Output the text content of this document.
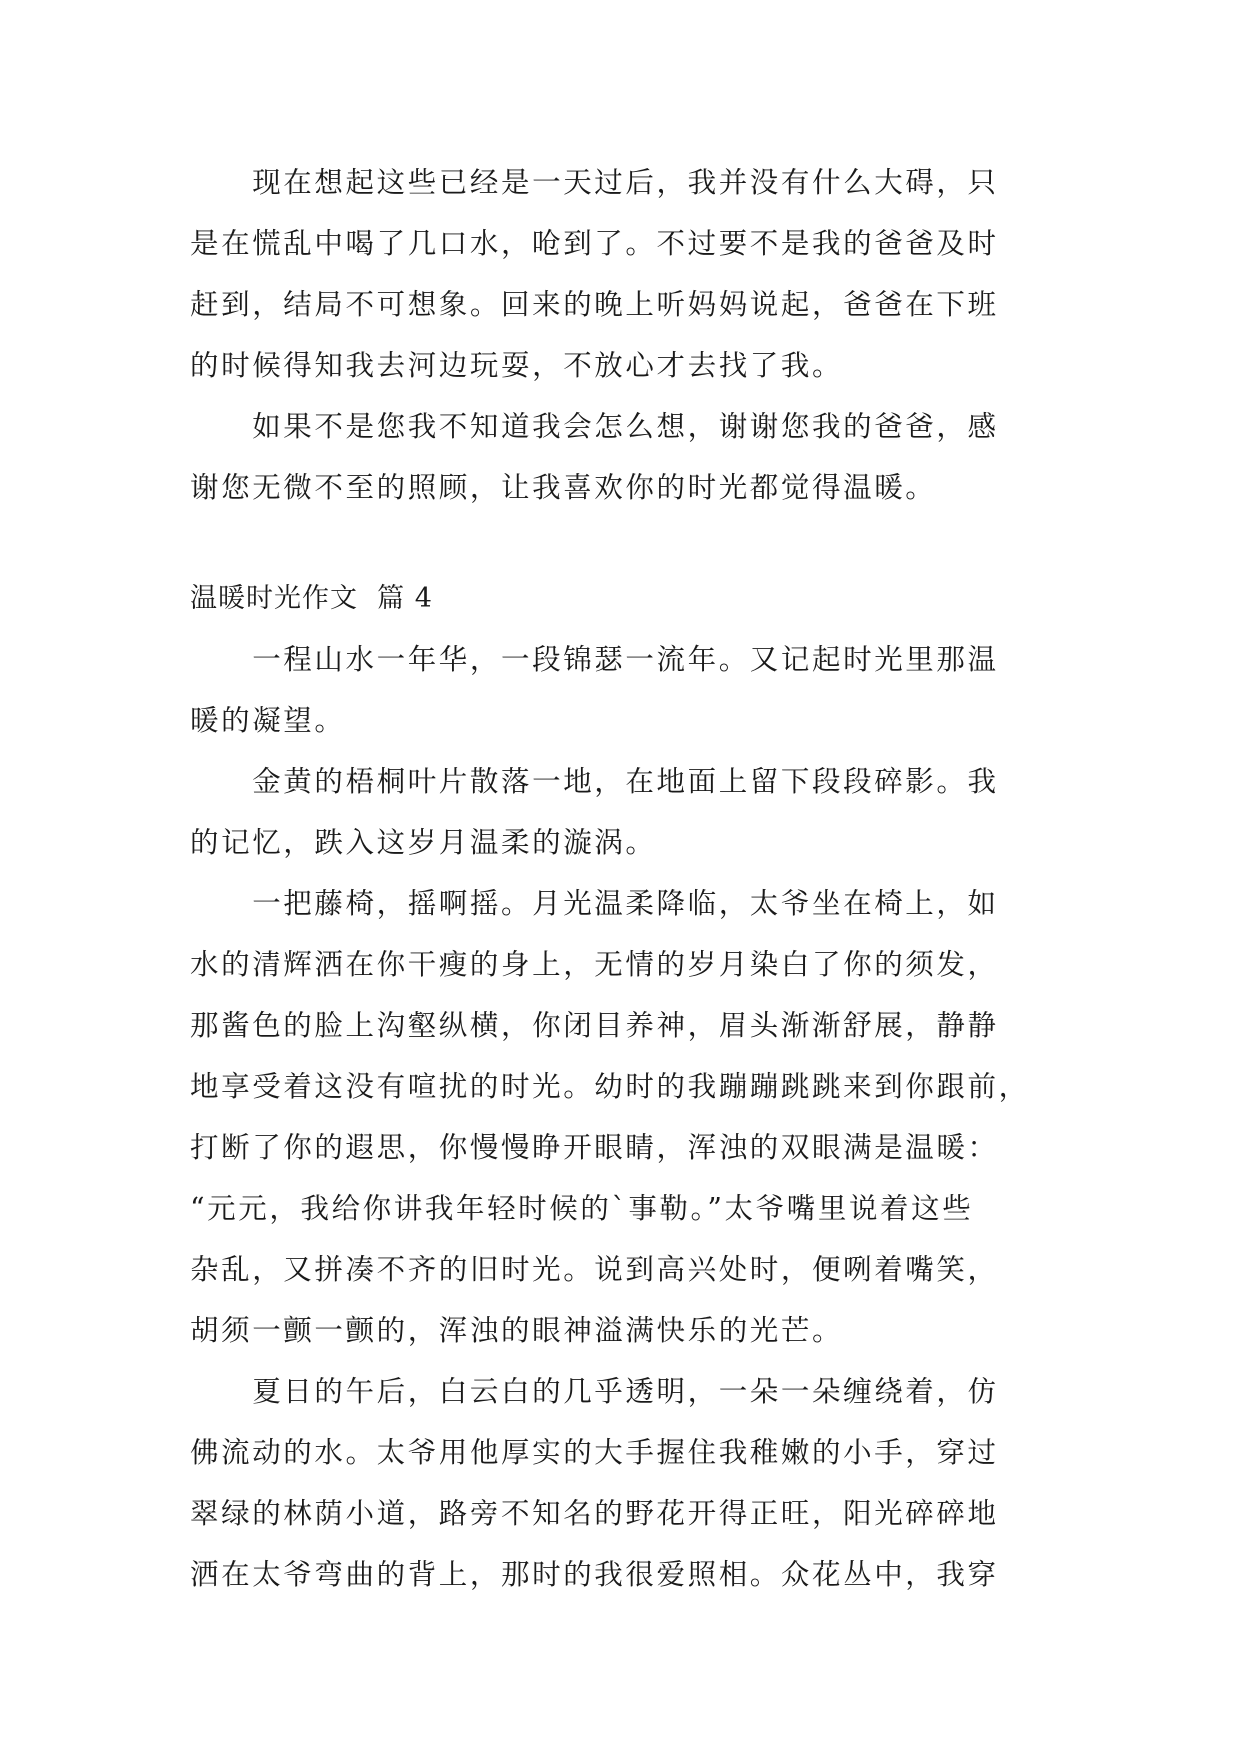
　　现在想起这些已经是一天过后，我并没有什么大碍，只
是在慌乱中喝了几口水，呛到了。不过要不是我的爸爸及时
赶到，结局不可想象。回来的晚上听妈妈说起，爸爸在下班
的时候得知我去河边玩耍，不放心才去找了我。
　　如果不是您我不知道我会怎么想，谢谢您我的爸爸，感
谢您无微不至的照顾，让我喜欢你的时光都觉得温暖。
温暖时光作文  篇 4
　　一程山水一年华，一段锦瑟一流年。又记起时光里那温
暖的凝望。
　　金黄的梧桐叶片散落一地，在地面上留下段段碎影。我
的记忆，跌入这岁月温柔的漩涡。
　　一把藤椅，摇啊摇。月光温柔降临，太爷坐在椅上，如
水的清辉洒在你干瘦的身上，无情的岁月染白了你的须发，
那酱色的脸上沟壑纵横，你闭目养神，眉头渐渐舒展，静静
地享受着这没有喧扰的时光。幼时的我蹦蹦跳跳来到你跟前，
打断了你的遐思，你慢慢睁开眼睛，浑浊的双眼满是温暖：
“元元，我给你讲我年轻时候的`事勒。”太爷嘴里说着这些
杂乱，又拼凑不齐的旧时光。说到高兴处时，便咧着嘴笑，
胡须一颤一颤的，浑浊的眼神溢满快乐的光芒。
　　夏日的午后，白云白的几乎透明，一朵一朵缠绕着，仿
佛流动的水。太爷用他厚实的大手握住我稚嫩的小手，穿过
翠绿的林荫小道，路旁不知名的野花开得正旺，阳光碎碎地
洒在太爷弯曲的背上，那时的我很爱照相。众花丛中，我穿
